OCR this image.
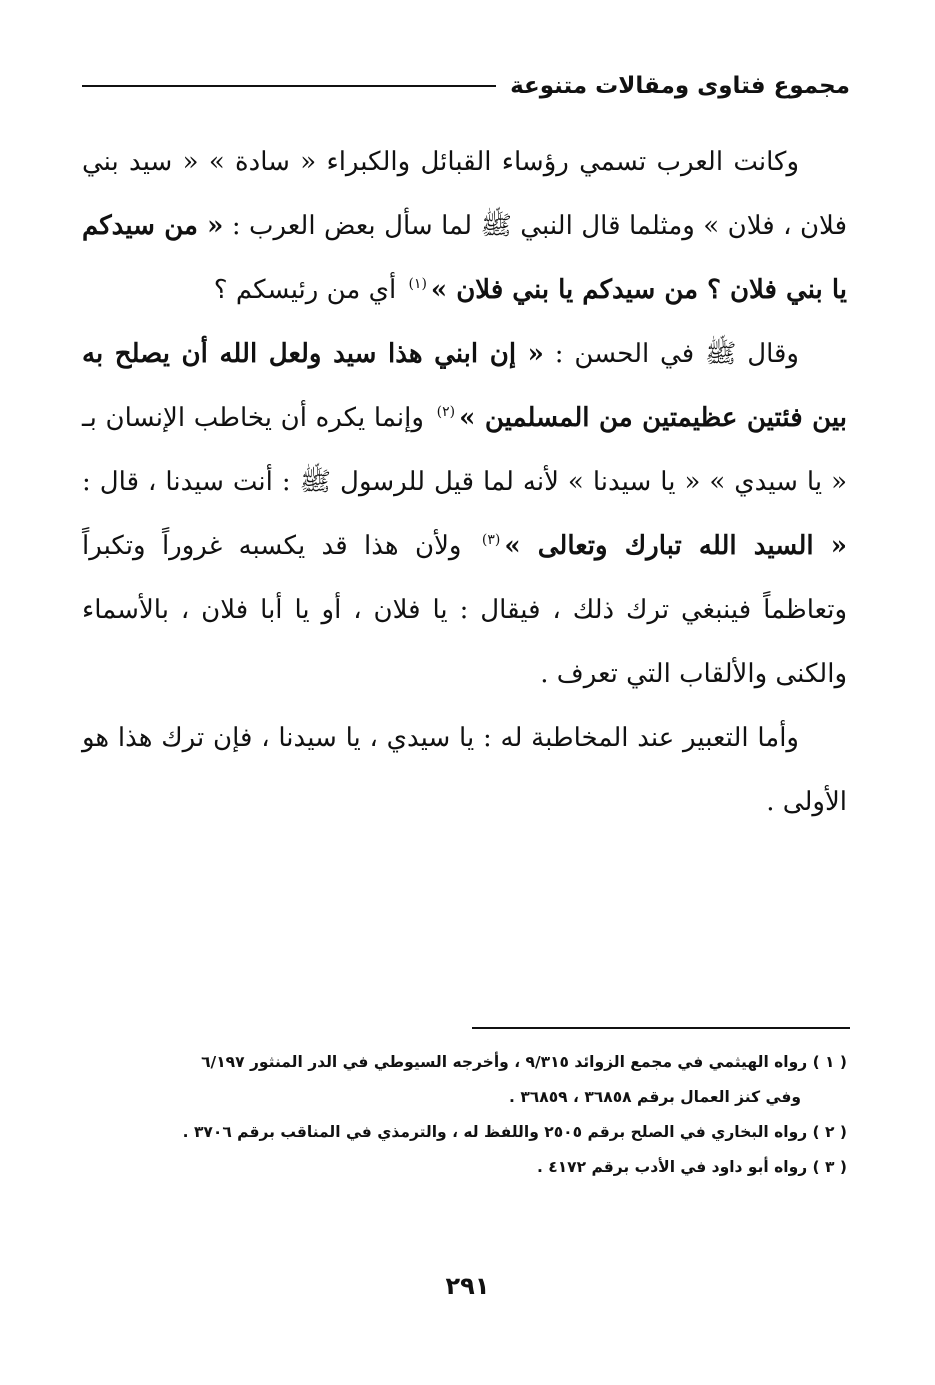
مجموع فتاوى ومقالات متنوعة

وكانت العرب تسمي رؤساء القبائل والكبراء « سادة » « سيد بني فلان ، فلان » ومثلما قال النبي ﷺ لما سأل بعض العرب : « من سيدكم يا بني فلان ؟ من سيدكم يا بني فلان »$^{(١)}$ أي من رئيسكم ؟

وقال ﷺ في الحسن : « إن ابني هذا سيد ولعل الله أن يصلح به بين فئتين عظيمتين من المسلمين »$^{(٢)}$ وإنما يكره أن يخاطب الإنسان بـ « يا سيدي » « يا سيدنا » لأنه لما قيل للرسول ﷺ : أنت سيدنا ، قال : « السيد الله تبارك وتعالى »$^{(٣)}$ ولأن هذا قد يكسبه غروراً وتكبراً وتعاظماً فينبغي ترك ذلك ، فيقال : يا فلان ، أو يا أبا فلان ، بالأسماء والكنى والألقاب التي تعرف .

وأما التعبير عند المخاطبة له : يا سيدي ، يا سيدنا ، فإن ترك هذا هو الأولى .

( ١ ) رواه الهيثمي في مجمع الزوائد ٩/٣١٥ ، وأخرجه السيوطي في الدر المنثور ٦/١٩٧

وفي كنز العمال برقم ٣٦٨٥٨ ، ٣٦٨٥٩ .

( ٢ ) رواه البخاري في الصلح برقم ٢٥٠٥ واللفظ له ، والترمذي في المناقب برقم ٣٧٠٦ .

( ٣ ) رواه أبو داود في الأدب برقم ٤١٧٢ .

٢٩١
